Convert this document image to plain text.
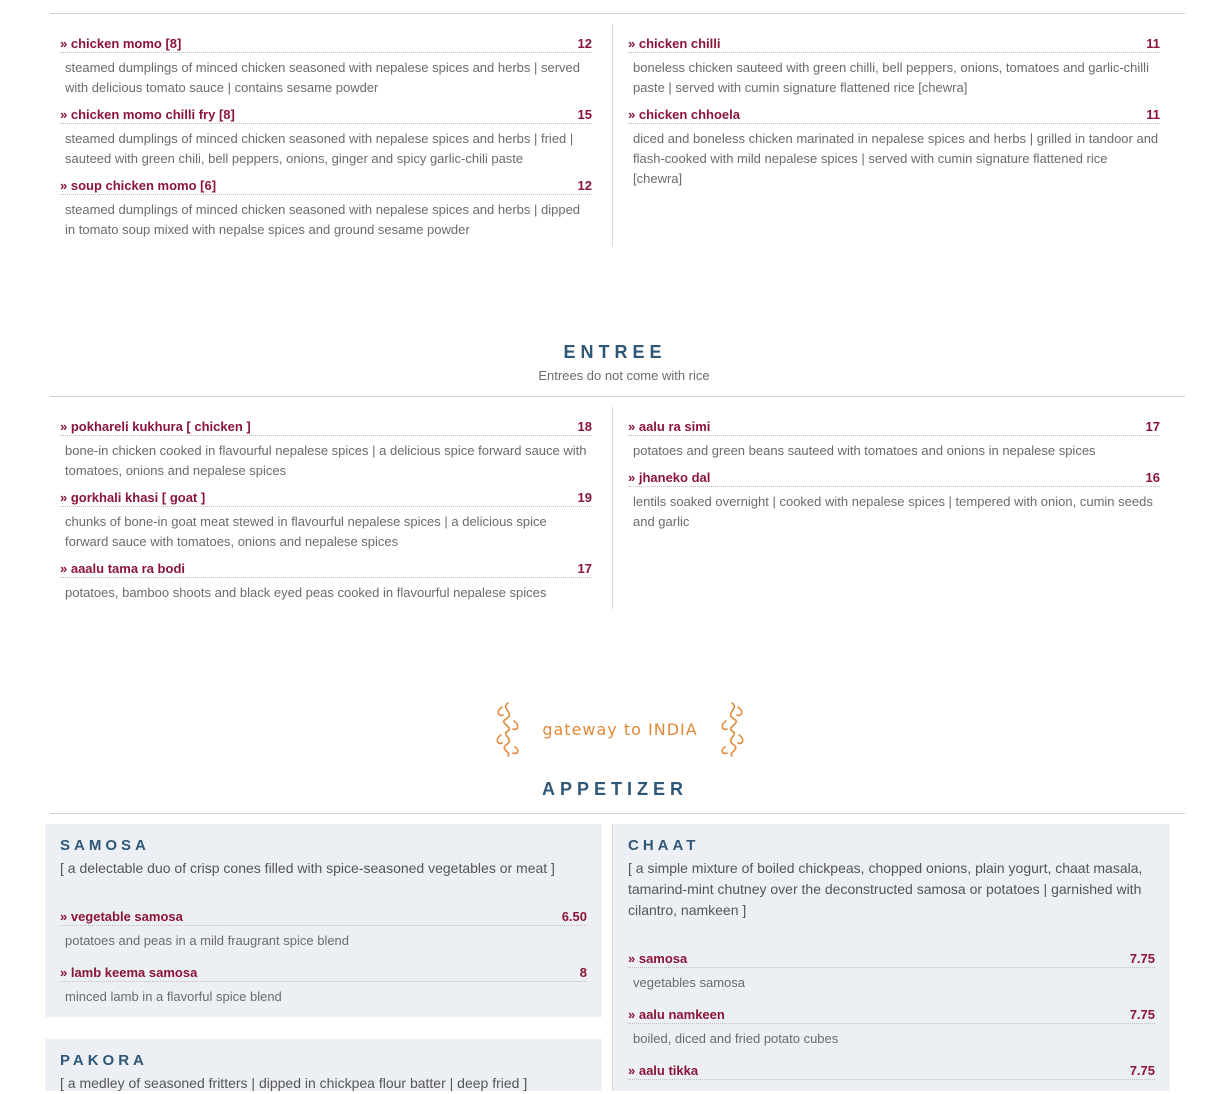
» chicken momo [8]	12
steamed dumplings of minced chicken seasoned with nepalese spices and herbs | served with delicious tomato sauce | contains sesame powder
» chicken momo chilli fry [8]	15
steamed dumplings of minced chicken seasoned with nepalese spices and herbs | fried | sauteed with green chili, bell peppers, onions, ginger and spicy garlic-chili paste
» soup chicken momo [6]	12
steamed dumplings of minced chicken seasoned with nepalese spices and herbs | dipped in tomato soup mixed with nepalse spices and ground sesame powder
» chicken chilli	11
boneless chicken sauteed with green chilli, bell peppers, onions, tomatoes and garlic-chilli paste | served with cumin signature flattened rice [chewra]
» chicken chhoela	11
diced and boneless chicken marinated in nepalese spices and herbs | grilled in tandoor and flash-cooked with mild nepalese spices | served with cumin signature flattened rice [chewra]
ENTREE
Entrees do not come with rice
» pokhareli kukhura [ chicken ]	18
bone-in chicken cooked in flavourful nepalese spices | a delicious spice forward sauce with tomatoes, onions and nepalese spices
» gorkhali khasi [ goat ]	19
chunks of bone-in goat meat stewed in flavourful nepalese spices | a delicious spice forward sauce with tomatoes, onions and nepalese spices
» aaalu tama ra bodi	17
potatoes, bamboo shoots and black eyed peas cooked in flavourful nepalese spices
» aalu ra simi	17
potatoes and green beans sauteed with tomatoes and onions in nepalese spices
» jhaneko dal	16
lentils soaked overnight | cooked with nepalese spices | tempered with onion, cumin seeds and garlic
gateway to INDIA
APPETIZER
SAMOSA
[ a delectable duo of crisp cones filled with spice-seasoned vegetables or meat ]
» vegetable samosa	6.50
potatoes and peas in a mild fraugrant spice blend
» lamb keema samosa	8
minced lamb in a flavorful spice blend
PAKORA
[ a medley of seasoned fritters | dipped in chickpea flour batter | deep fried ]
CHAAT
[ a simple mixture of boiled chickpeas, chopped onions, plain yogurt, chaat masala, tamarind-mint chutney over the deconstructed samosa or potatoes | garnished with cilantro, namkeen ]
» samosa	7.75
vegetables samosa
» aalu namkeen	7.75
boiled, diced and fried potato cubes
» aalu tikka	7.75
